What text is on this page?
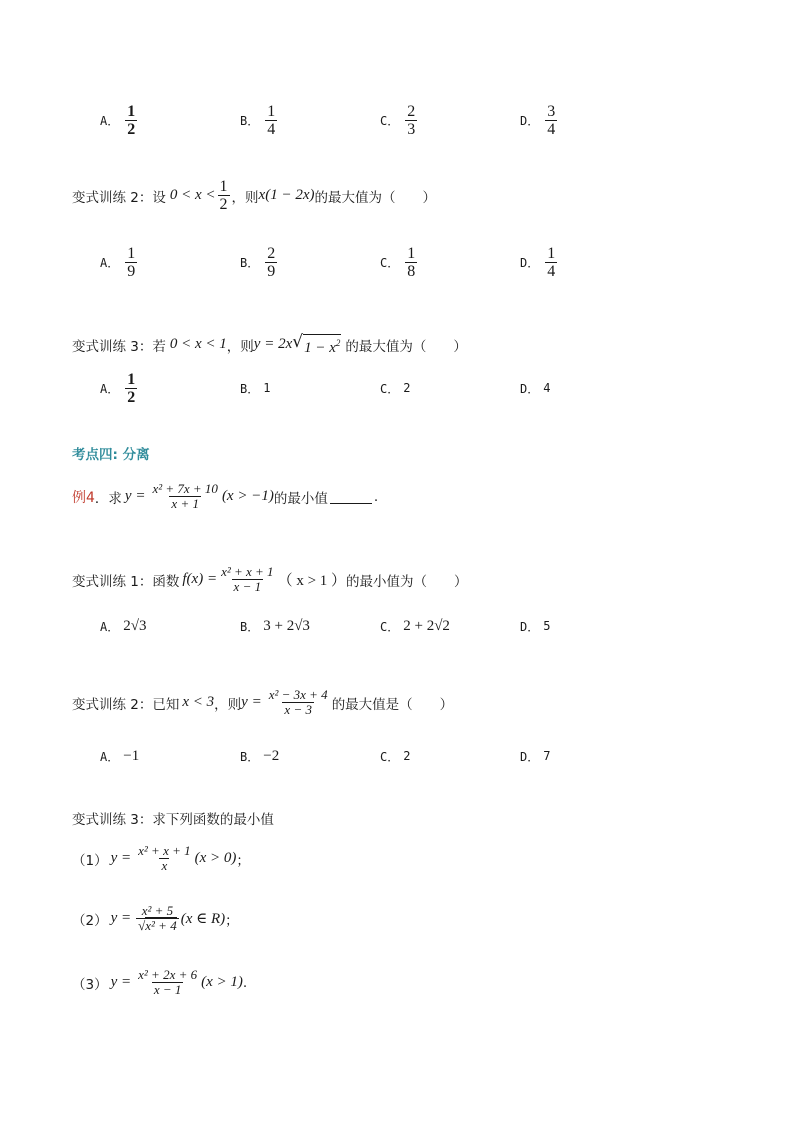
A． $\frac{1}{2}$	B． $\frac{1}{4}$	C． $\frac{2}{3}$	D． $\frac{3}{4}$
变式训练 2：设 $0 < x < \frac{1}{2}$ ，则 x(1 − 2x) 的最大值为（　　）
A． $\frac{1}{9}$	B． $\frac{2}{9}$	C． $\frac{1}{8}$	D． $\frac{1}{4}$
变式训练 3：若 0 < x < 1 ，则 y = 2x √ $1 - x^2$ 的最大值为（　　）
A． $\frac{1}{2}$	B． 1	C． 2	D． 4
考点四: 分离
例4 ．求 $y = \frac{\text{x² + 7x + 10}}{x + 1} (x > -1)$ 的最小值	.
变式训练 1：函数 $f(x) = \frac{\text{x² + x + 1}}{x - 1}$ （ x > 1 ） 的最小值为（　　）
A． 2√3	B． 3 + 2√3	C． 2 + 2√2	D． 5
变式训练 2：已知 x < 3 ，则 $y = \frac{\text{x² − 3x + 4}}{x - 3}$ 的最大值是（　　）
A． −1	B． −2	C． 2	D． 7
变式训练 3：求下列函数的最小值
（1） $y = \frac{\text{x² + x + 1}}{x} (x > 0)$ ；
（2） $y = \frac{\text{x² + 5}}{\text{√x² + 4}} (x$ ∈ R) ；
（3） $y = \frac{\text{x² + 2x + 6}}{x - 1} (x > 1)$ .
